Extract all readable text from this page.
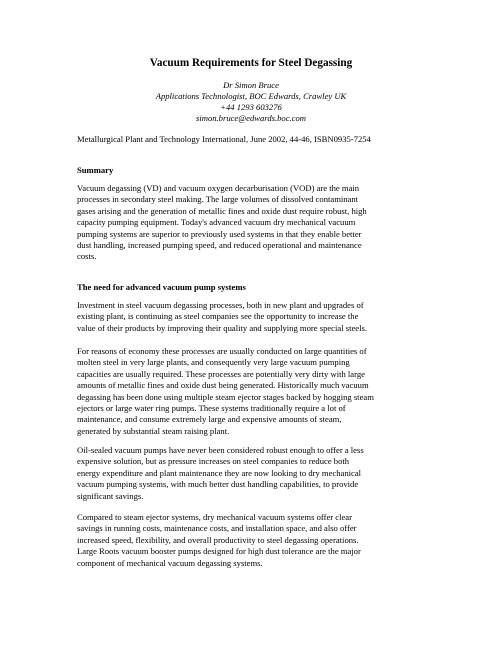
Vacuum Requirements for Steel Degassing
Dr Simon Bruce
Applications Technologist, BOC Edwards, Crawley UK
+44 1293 603276
simon.bruce@edwards.boc.com
Metallurgical Plant and Technology International, June 2002, 44-46, ISBN0935-7254
Summary
Vacuum degassing (VD) and vacuum oxygen decarburisation (VOD) are the main
processes in secondary steel making. The large volumes of dissolved contaminant
gases arising and the generation of metallic fines and oxide dust require robust, high
capacity pumping equipment. Today's advanced vacuum dry mechanical vacuum
pumping systems are superior to previously used systems in that they enable better
dust handling, increased pumping speed, and reduced operational and maintenance
costs.
The need for advanced vacuum pump systems
Investment in steel vacuum degassing processes, both in new plant and upgrades of
existing plant, is continuing as steel companies see the opportunity to increase the
value of their products by improving their quality and supplying more special steels.
For reasons of economy these processes are usually conducted on large quantities of
molten steel in very large plants, and consequently very large vacuum pumping
capacities are usually required. These processes are potentially very dirty with large
amounts of metallic fines and oxide dust being generated. Historically much vacuum
degassing has been done using multiple steam ejector stages backed by hogging steam
ejectors or large water ring pumps. These systems traditionally require a lot of
maintenance, and consume extremely large and expensive amounts of steam,
generated by substantial steam raising plant.
Oil-sealed vacuum pumps have never been considered robust enough to offer a less
expensive solution, but as pressure increases on steel companies to reduce both
energy expenditure and plant maintenance they are now looking to dry mechanical
vacuum pumping systems, with much better dust handling capabilities, to provide
significant savings.
Compared to steam ejector systems, dry mechanical vacuum systems offer clear
savings in running costs, maintenance costs, and installation space, and also offer
increased speed, flexibility, and overall productivity to steel degassing operations.
Large Roots vacuum booster pumps designed for high dust tolerance are the major
component of mechanical vacuum degassing systems.
